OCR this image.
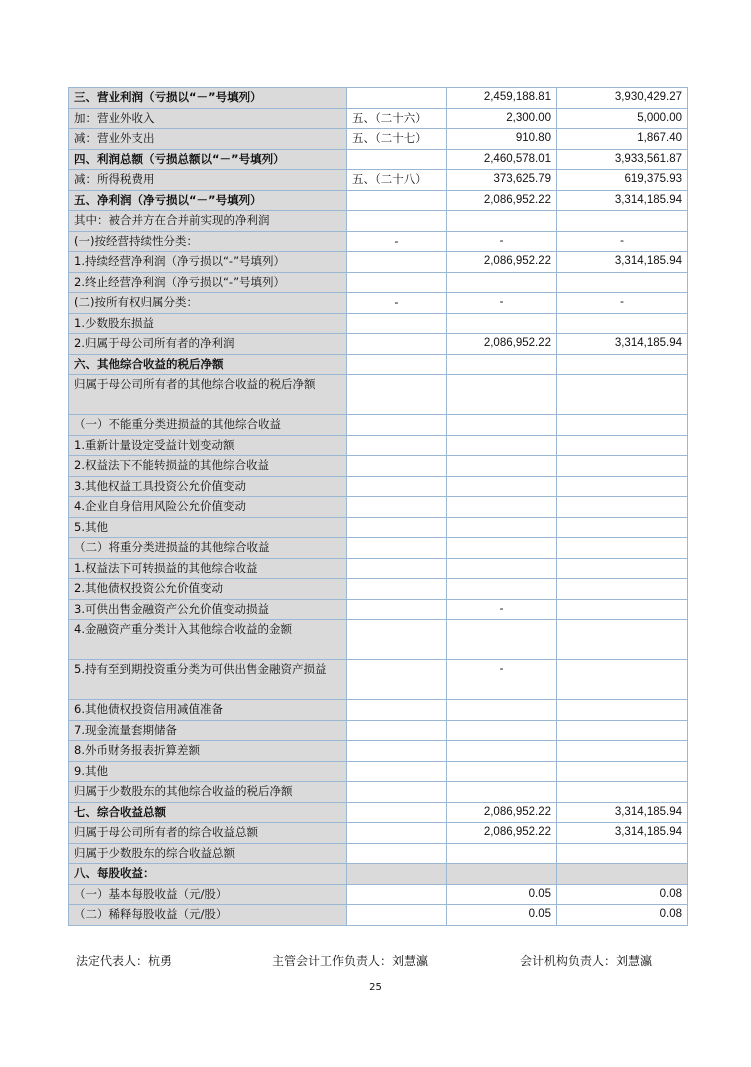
三、营业利润（亏损以“－”号填列）		2,459,188.81	3,930,429.27
加：营业外收入	五、（二十六）	2,300.00	5,000.00
减：营业外支出	五、（二十七）	910.80	1,867.40
四、利润总额（亏损总额以“－”号填列）		2,460,578.01	3,933,561.87
减：所得税费用	五、（二十八）	373,625.79	619,375.93
五、净利润（净亏损以“－”号填列）		2,086,952.22	3,314,185.94
其中：被合并方在合并前实现的净利润			
(一)按经营持续性分类：	-	-	-
1.持续经营净利润（净亏损以“-”号填列）		2,086,952.22	3,314,185.94
2.终止经营净利润（净亏损以“-”号填列）			
(二)按所有权归属分类：	-	-	-
1.少数股东损益			
2.归属于母公司所有者的净利润		2,086,952.22	3,314,185.94
六、其他综合收益的税后净额			
归属于母公司所有者的其他综合收益的税后净额			
（一）不能重分类进损益的其他综合收益			
1.重新计量设定受益计划变动额			
2.权益法下不能转损益的其他综合收益			
3.其他权益工具投资公允价值变动			
4.企业自身信用风险公允价值变动			
5.其他			
（二）将重分类进损益的其他综合收益			
1.权益法下可转损益的其他综合收益			
2.其他债权投资公允价值变动			
3.可供出售金融资产公允价值变动损益		-	
4.金融资产重分类计入其他综合收益的金额			
5.持有至到期投资重分类为可供出售金融资产损益		-	
6.其他债权投资信用减值准备			
7.现金流量套期储备			
8.外币财务报表折算差额			
9.其他			
归属于少数股东的其他综合收益的税后净额			
七、综合收益总额		2,086,952.22	3,314,185.94
归属于母公司所有者的综合收益总额		2,086,952.22	3,314,185.94
归属于少数股东的综合收益总额			
八、每股收益：			
（一）基本每股收益（元/股）		0.05	0.08
（二）稀释每股收益（元/股）		0.05	0.08
法定代表人：杭勇	主管会计工作负责人：刘慧瀛	会计机构负责人：刘慧瀛
25
